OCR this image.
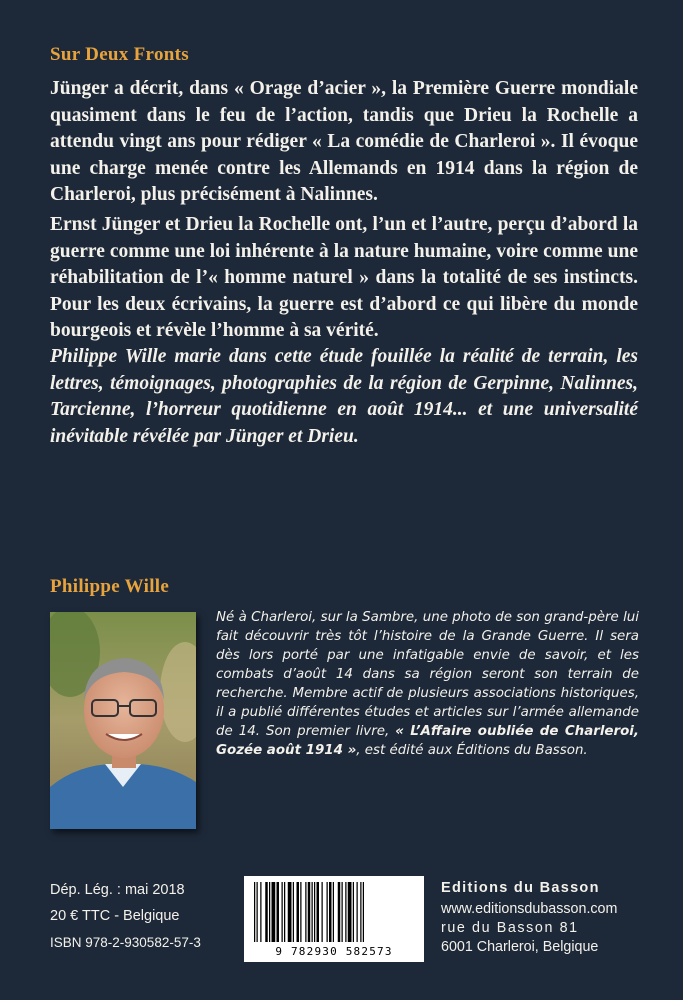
Sur Deux Fronts

Jünger a décrit, dans « Orage d’acier », la Première Guerre mondiale quasiment dans le feu de l’action, tandis que Drieu la Rochelle a attendu vingt ans pour rédiger « La comédie de Charleroi ». Il évoque une charge menée contre les Allemands en 1914 dans la région de Charleroi, plus précisément à Nalinnes.

Ernst Jünger et Drieu la Rochelle ont, l’un et l’autre, perçu d’abord la guerre comme une loi inhérente à la nature humaine, voire comme une réhabilitation de l’« homme naturel » dans la totalité de ses instincts. Pour les deux écrivains, la guerre est d’abord ce qui libère du monde bourgeois et révèle l’homme à sa vérité.

Philippe Wille marie dans cette étude fouillée la réalité de terrain, les lettres, témoignages, photographies de la région de Gerpinne, Nalinnes, Tarcienne, l’horreur quotidienne en août 1914... et une universalité inévitable révélée par Jünger et Drieu.

Philippe Wille

Né à Charleroi, sur la Sambre, une photo de son grand-père lui fait découvrir très tôt l’histoire de la Grande Guerre. Il sera dès lors porté par une infatigable envie de savoir, et les combats d’août 14 dans sa région seront son terrain de recherche. Membre actif de plusieurs associations historiques, il a publié différentes études et articles sur l’armée allemande de 14. Son premier livre, « L’Affaire oubliée de Charleroi, Gozée août 1914 », est édité aux Éditions du Basson.

Dép. Lég. : mai 2018
20 € TTC - Belgique
ISBN 978-2-930582-57-3
9 782930 582573
Editions du Basson
www.editionsdubasson.com
rue du Basson 81
6001 Charleroi, Belgique
